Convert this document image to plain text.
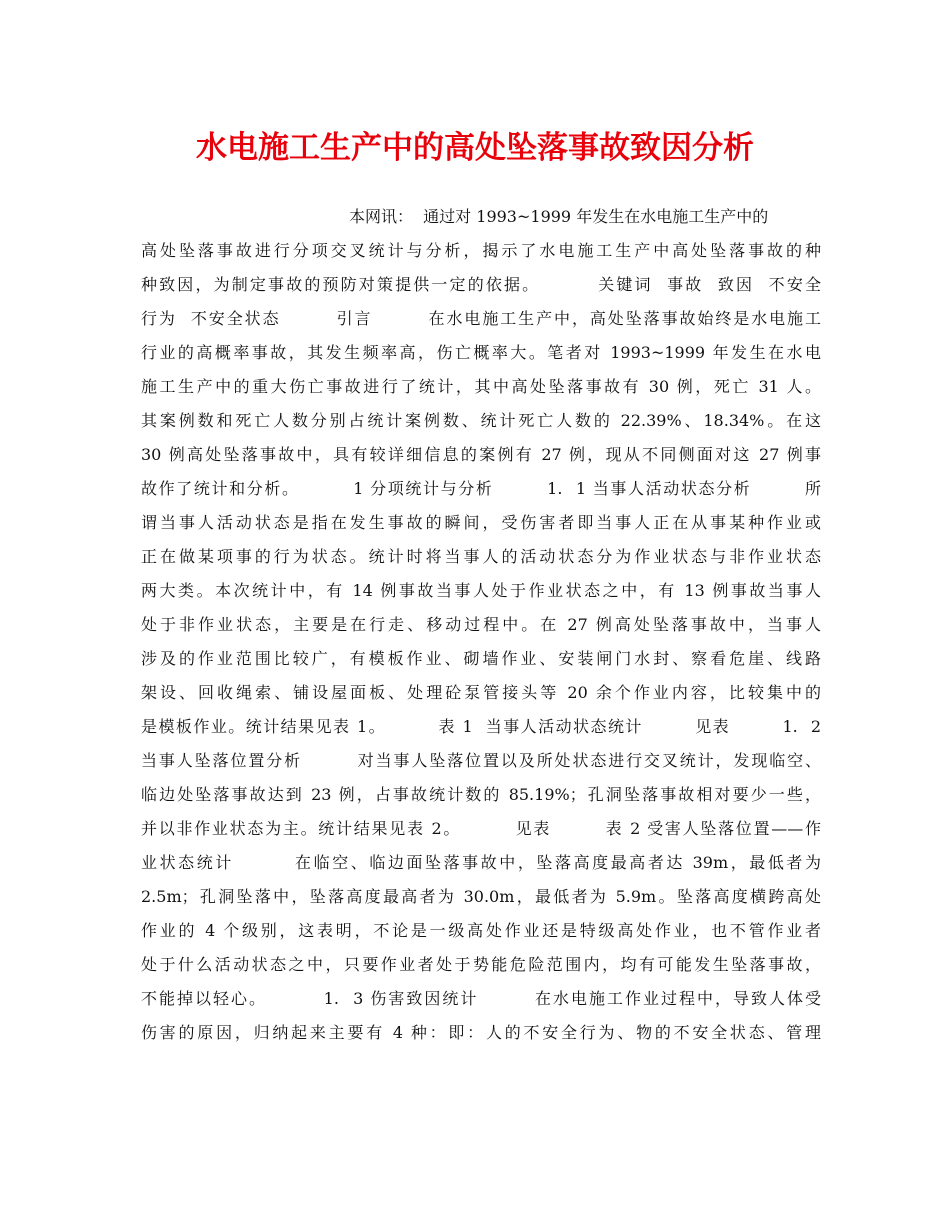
水电施工生产中的高处坠落事故致因分析
本网讯：  通过对 1993~1999 年发生在水电施工生产中的
高处坠落事故进行分项交叉统计与分析，揭示了水电施工生产中高处坠落事故的种
种致因，为制定事故的预防对策提供一定的依据。        关键词  事故  致因  不安全
行为  不安全状态        引言        在水电施工生产中，高处坠落事故始终是水电施工
行业的高概率事故，其发生频率高，伤亡概率大。笔者对 1993~1999 年发生在水电
施工生产中的重大伤亡事故进行了统计，其中高处坠落事故有 30 例，死亡 31 人。
其案例数和死亡人数分别占统计案例数、统计死亡人数的 22.39%、18.34%。在这
30 例高处坠落事故中，具有较详细信息的案例有 27 例，现从不同侧面对这 27 例事
故作了统计和分析。        1 分项统计与分析        1.  1 当事人活动状态分析        所
谓当事人活动状态是指在发生事故的瞬间，受伤害者即当事人正在从事某种作业或
正在做某项事的行为状态。统计时将当事人的活动状态分为作业状态与非作业状态
两大类。本次统计中，有 14 例事故当事人处于作业状态之中，有 13 例事故当事人
处于非作业状态，主要是在行走、移动过程中。在 27 例高处坠落事故中，当事人
涉及的作业范围比较广，有模板作业、砌墙作业、安装闸门水封、察看危崖、线路
架设、回收绳索、铺设屋面板、处理砼泵管接头等 20 余个作业内容，比较集中的
是模板作业。统计结果见表 1。        表 1  当事人活动状态统计        见表        1.  2
当事人坠落位置分析        对当事人坠落位置以及所处状态进行交叉统计，发现临空、
临边处坠落事故达到 23 例，占事故统计数的 85.19%；孔洞坠落事故相对要少一些，
并以非作业状态为主。统计结果见表 2。        见表        表 2 受害人坠落位置——作
业状态统计        在临空、临边面坠落事故中，坠落高度最高者达 39m，最低者为
2.5m；孔洞坠落中，坠落高度最高者为 30.0m，最低者为 5.9m。坠落高度横跨高处
作业的 4 个级别，这表明，不论是一级高处作业还是特级高处作业，也不管作业者
处于什么活动状态之中，只要作业者处于势能危险范围内，均有可能发生坠落事故，
不能掉以轻心。        1.  3 伤害致因统计        在水电施工作业过程中，导致人体受
伤害的原因，归纳起来主要有 4 种：即：人的不安全行为、物的不安全状态、管理
